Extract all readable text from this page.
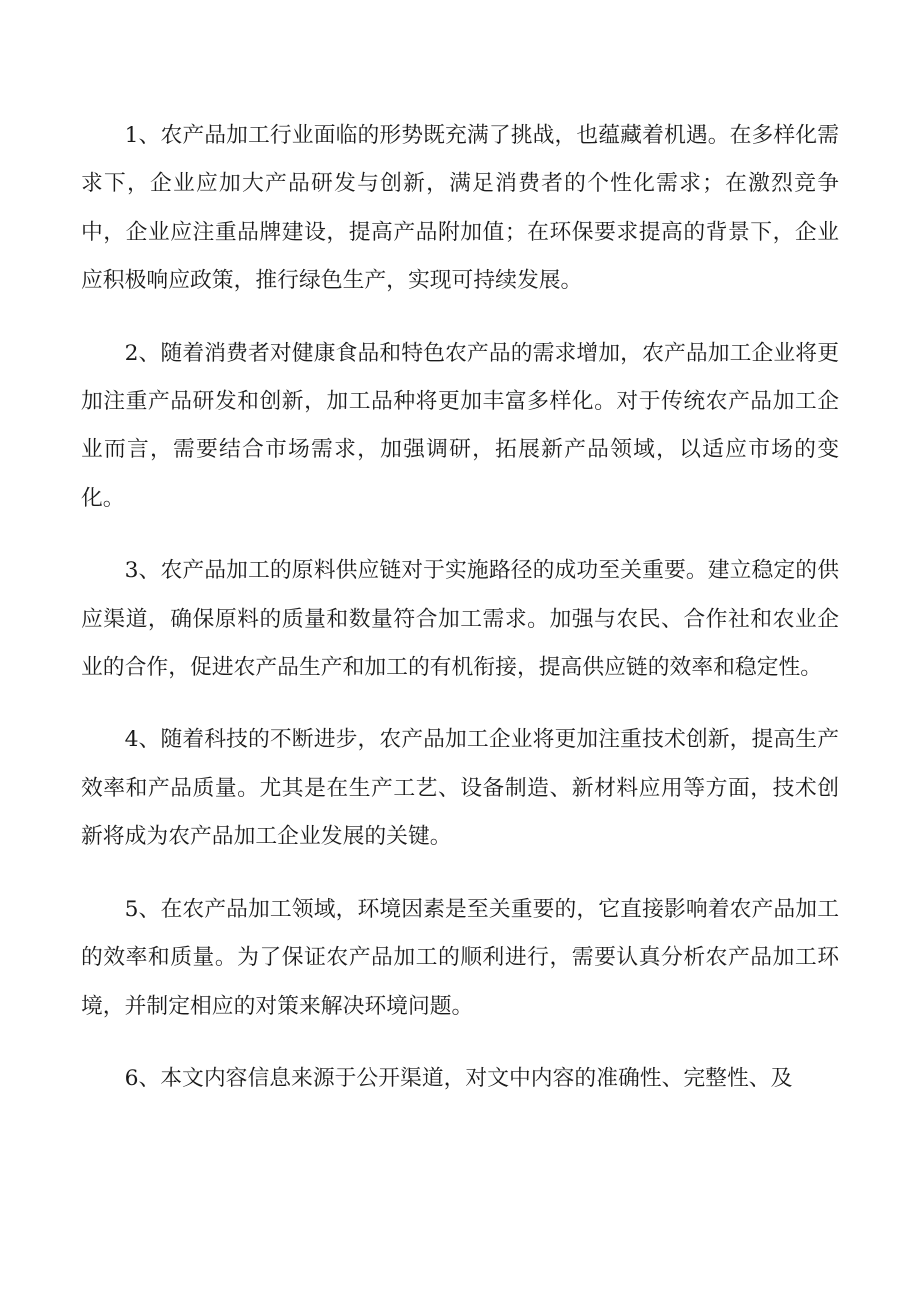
1、农产品加工行业面临的形势既充满了挑战，也蕴藏着机遇。在多样化需求下，企业应加大产品研发与创新，满足消费者的个性化需求；在激烈竞争中，企业应注重品牌建设，提高产品附加值；在环保要求提高的背景下，企业应积极响应政策，推行绿色生产，实现可持续发展。

2、随着消费者对健康食品和特色农产品的需求增加，农产品加工企业将更加注重产品研发和创新，加工品种将更加丰富多样化。对于传统农产品加工企业而言，需要结合市场需求，加强调研，拓展新产品领域，以适应市场的变化。

3、农产品加工的原料供应链对于实施路径的成功至关重要。建立稳定的供应渠道，确保原料的质量和数量符合加工需求。加强与农民、合作社和农业企业的合作，促进农产品生产和加工的有机衔接，提高供应链的效率和稳定性。

4、随着科技的不断进步，农产品加工企业将更加注重技术创新，提高生产效率和产品质量。尤其是在生产工艺、设备制造、新材料应用等方面，技术创新将成为农产品加工企业发展的关键。

5、在农产品加工领域，环境因素是至关重要的，它直接影响着农产品加工的效率和质量。为了保证农产品加工的顺利进行，需要认真分析农产品加工环境，并制定相应的对策来解决环境问题。

6、本文内容信息来源于公开渠道，对文中内容的准确性、完整性、及
